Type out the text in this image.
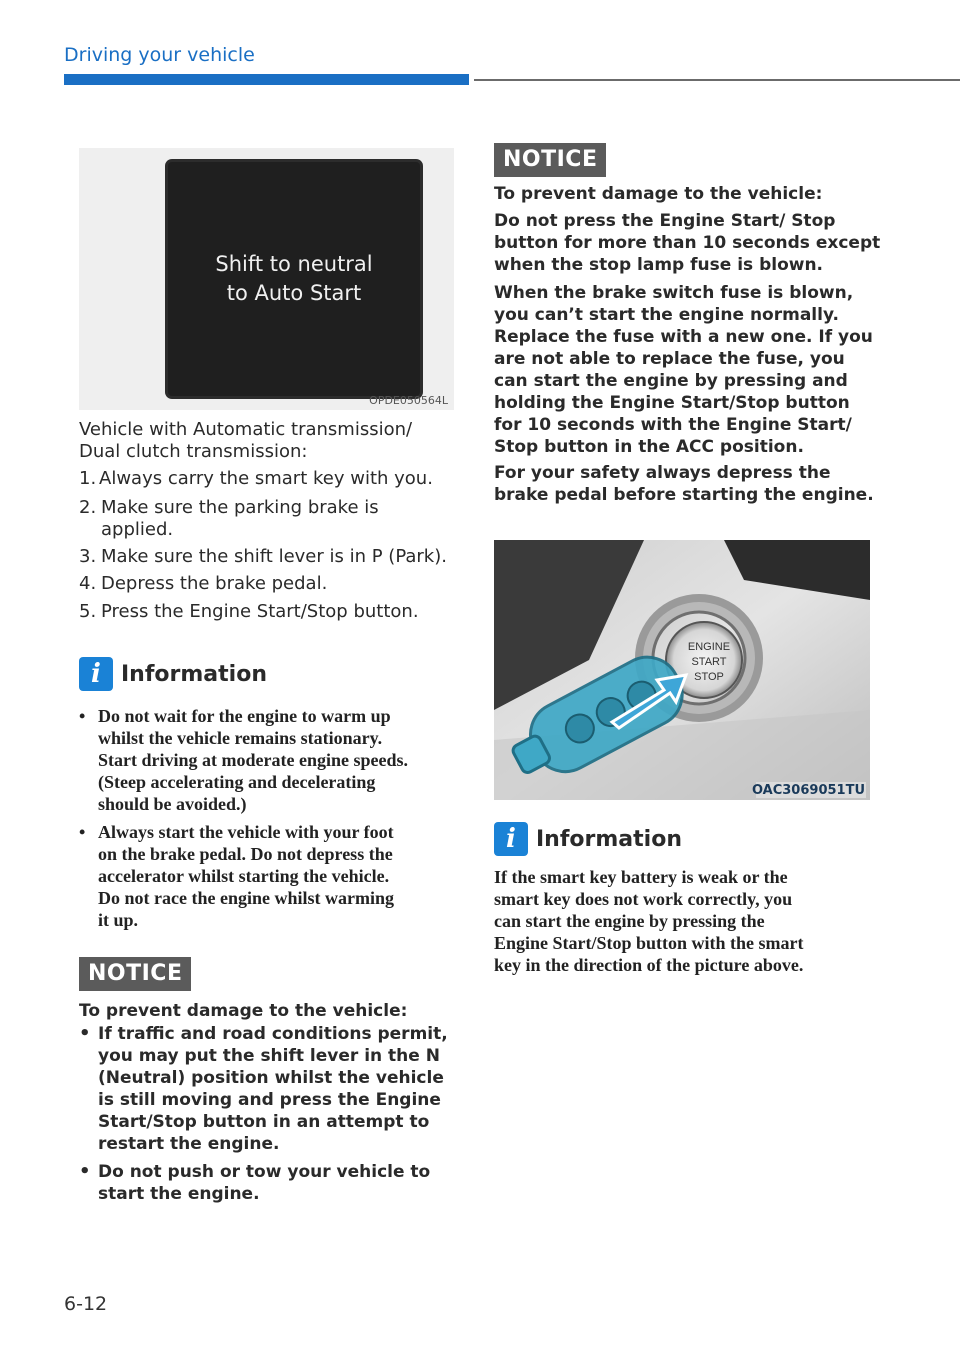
Driving your vehicle
Shift to neutral
to Auto Start
OPDE050564L
Vehicle with Automatic transmission/
Dual clutch transmission:
1. Always carry the smart key with you.
2. Make sure the parking brake is
applied.
3. Make sure the shift lever is in P (Park).
4. Depress the brake pedal.
5. Press the Engine Start/Stop button.
i Information
• Do not wait for the engine to warm up
whilst the vehicle remains stationary.
Start driving at moderate engine speeds.
(Steep accelerating and decelerating
should be avoided.)
• Always start the vehicle with your foot
on the brake pedal. Do not depress the
accelerator whilst starting the vehicle.
Do not race the engine whilst warming
it up.
NOTICE
To prevent damage to the vehicle:
• If traffic and road conditions permit,
you may put the shift lever in the N
(Neutral) position whilst the vehicle
is still moving and press the Engine
Start/Stop button in an attempt to
restart the engine.
• Do not push or tow your vehicle to
start the engine.
NOTICE
To prevent damage to the vehicle:
Do not press the Engine Start/ Stop
button for more than 10 seconds except
when the stop lamp fuse is blown.
When the brake switch fuse is blown,
you can’t start the engine normally.
Replace the fuse with a new one. If you
are not able to replace the fuse, you
can start the engine by pressing and
holding the Engine Start/Stop button
for 10 seconds with the Engine Start/
Stop button in the ACC position.
For your safety always depress the
brake pedal before starting the engine.
ENGINE
START
STOP
OAC3069051TU
i Information
If the smart key battery is weak or the
smart key does not work correctly, you
can start the engine by pressing the
Engine Start/Stop button with the smart
key in the direction of the picture above.
6-12
